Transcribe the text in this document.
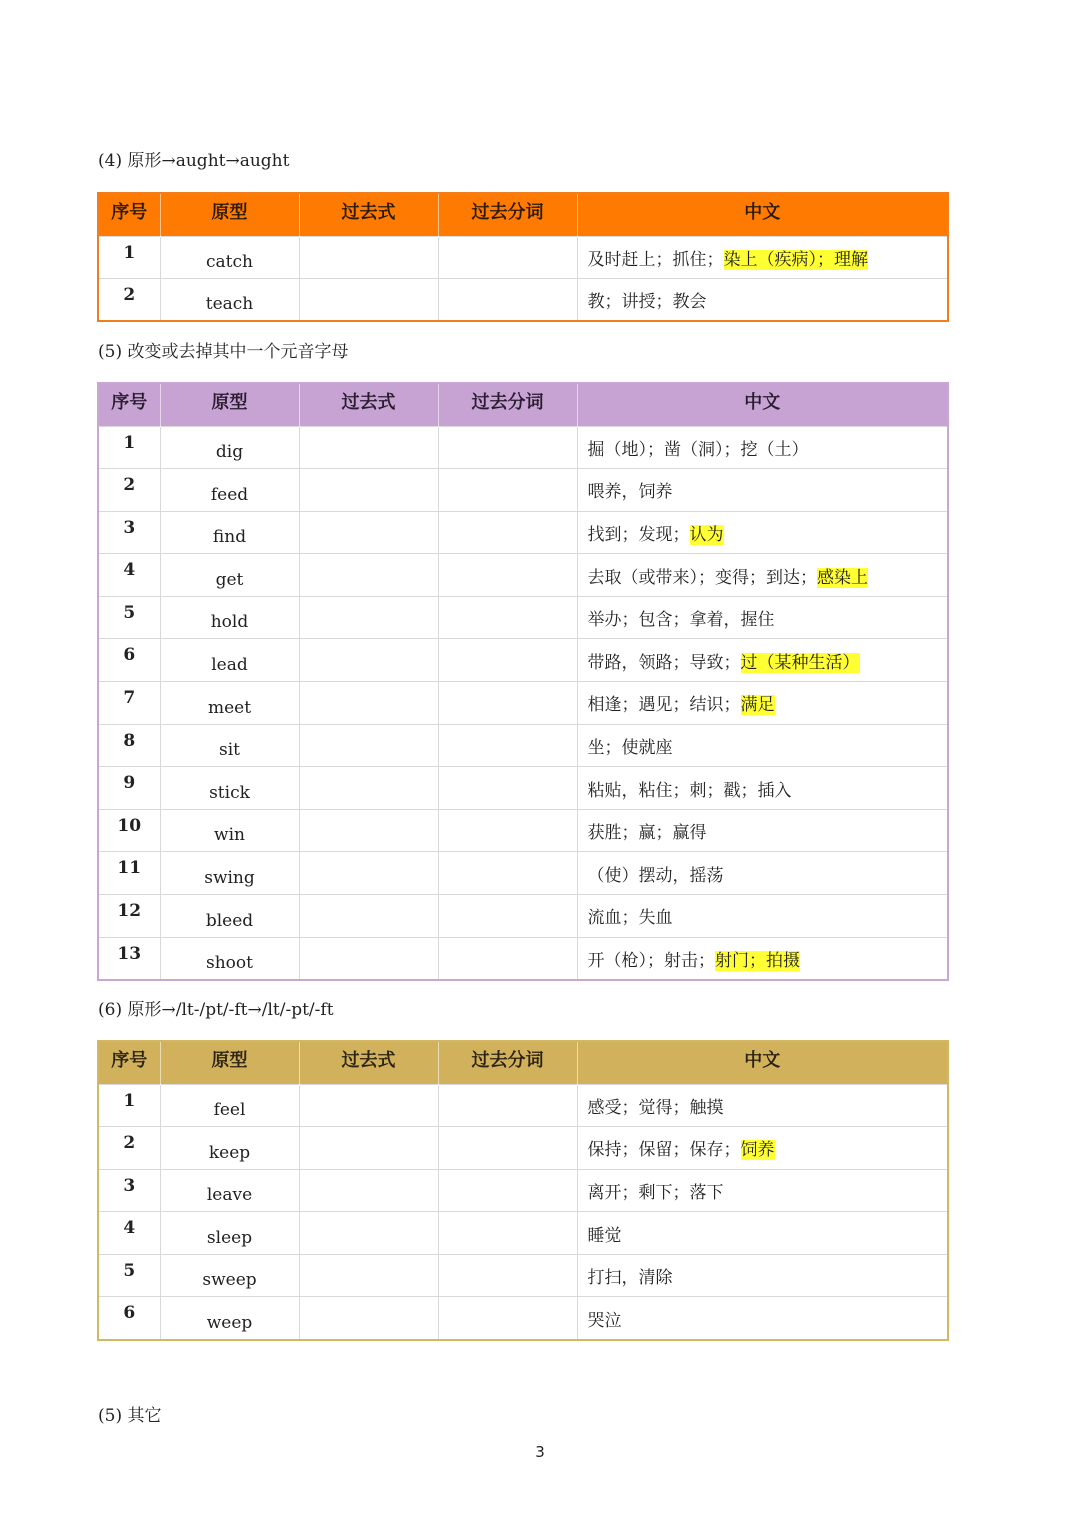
(4) 原形→aught→aught
序号	原型	过去式	过去分词	中文
1	catch			及时赶上；抓住；染上（疾病）；理解
2	teach			教；讲授；教会
(5) 改变或去掉其中一个元音字母
序号	原型	过去式	过去分词	中文
1	dig			掘（地）；凿（洞）；挖（土）
2	feed			喂养，饲养
3	find			找到；发现；认为
4	get			去取（或带来）；变得；到达；感染上
5	hold			举办；包含；拿着，握住
6	lead			带路，领路；导致；过（某种生活）
7	meet			相逢；遇见；结识；满足
8	sit			坐；使就座
9	stick			粘贴，粘住；刺；戳；插入
10	win			获胜；赢；赢得
11	swing			（使）摆动，摇荡
12	bleed			流血；失血
13	shoot			开（枪）；射击；射门；拍摄
(6) 原形→/lt-/pt/-ft→/lt/-pt/-ft
序号	原型	过去式	过去分词	中文
1	feel			感受；觉得；触摸
2	keep			保持；保留；保存；饲养
3	leave			离开；剩下；落下
4	sleep			睡觉
5	sweep			打扫，清除
6	weep			哭泣
(5) 其它
3
